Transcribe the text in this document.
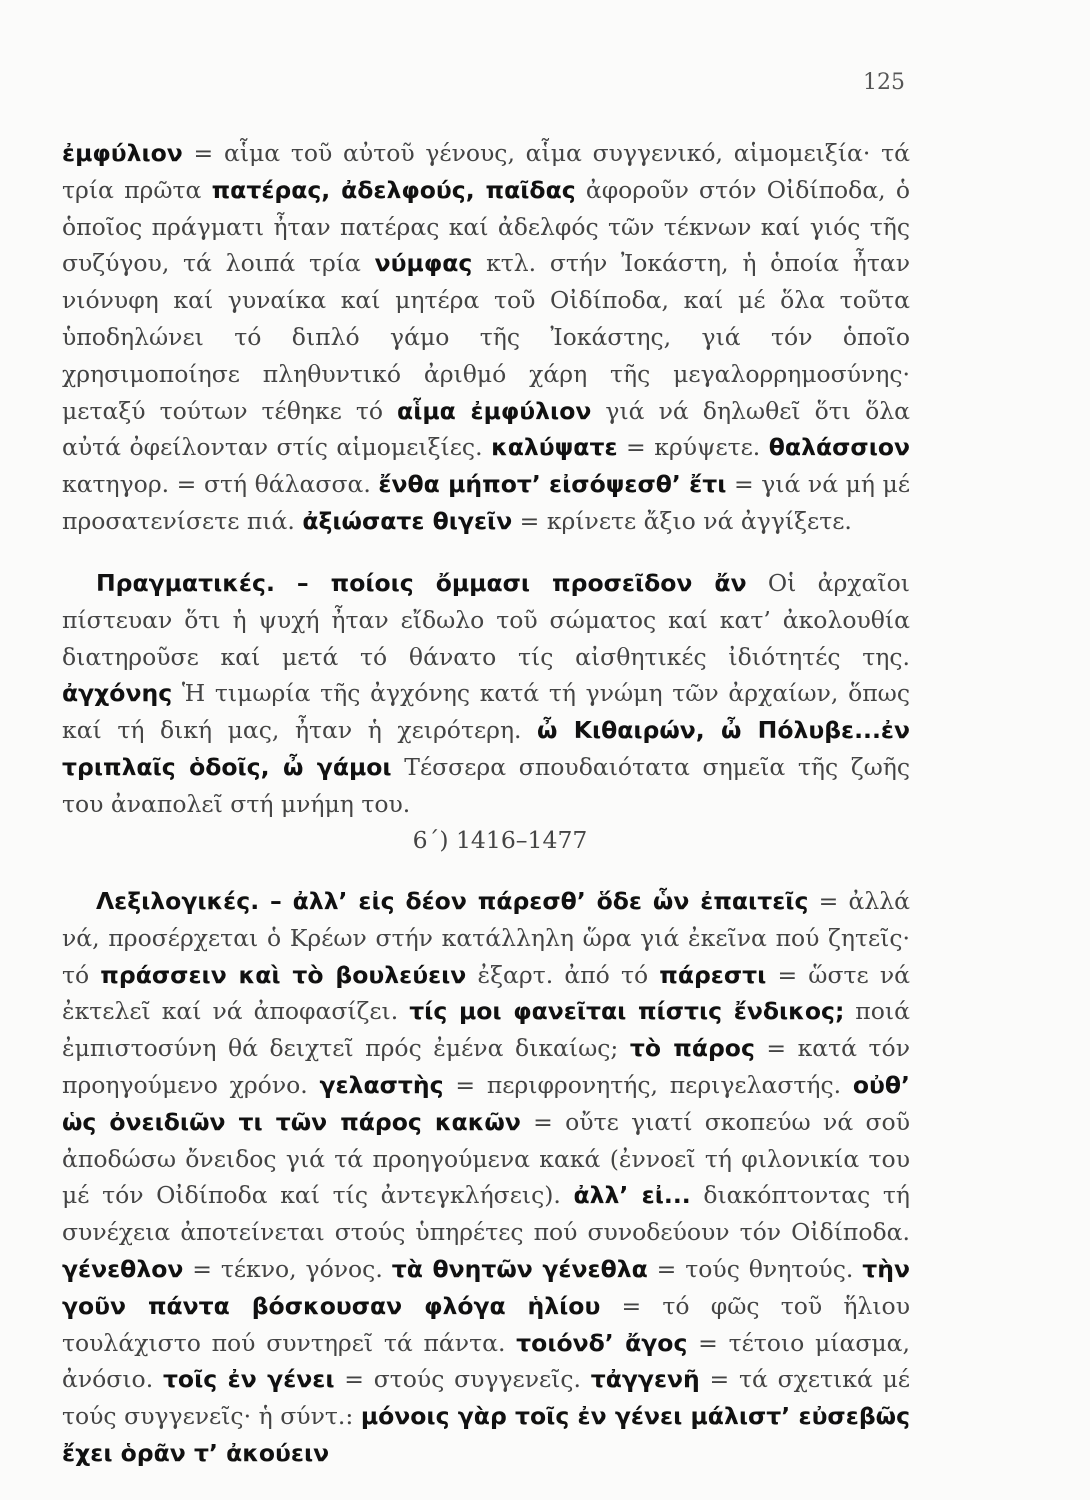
125
ἐμφύλιον = αἷμα τοῦ αὐτοῦ γένους, αἷμα συγγενικό, αἱμομειξία· τά τρία πρῶτα πατέρας, ἀδελφούς, παῖδας ἀφοροῦν στόν Οἰδίποδα, ὁ ὁποῖος πράγματι ἦταν πατέρας καί ἀδελφός τῶν τέκνων καί γιός τῆς συζύγου, τά λοιπά τρία νύμφας κτλ. στήν Ἰοκάστη, ἡ ὁποία ἦταν νιόνυφη καί γυναίκα καί μητέρα τοῦ Οἰδίποδα, καί μέ ὅλα τοῦτα ὑποδηλώνει τό διπλό γάμο τῆς Ἰοκάστης, γιά τόν ὁποῖο χρησιμοποίησε πληθυντικό ἀριθμό χάρη τῆς μεγαλορρημοσύνης· μεταξύ τούτων τέθηκε τό αἷμα ἐμφύλιον γιά νά δηλωθεῖ ὅτι ὅλα αὐτά ὀφείλονταν στίς αἱμομειξίες. καλύψατε = κρύψετε. θαλάσσιον κατηγορ. = στή θάλασσα. ἔνθα μήποτ’ εἰσόψεσθ’ ἔτι = γιά νά μή μέ προσατενίσετε πιά. ἀξιώσατε θιγεῖν = κρίνετε ἄξιο νά ἀγγίξετε.
Πραγματικές. – ποίοις ὄμμασι προσεῖδον ἄν Οἱ ἀρχαῖοι πίστευαν ὅτι ἡ ψυχή ἦταν εἴδωλο τοῦ σώματος καί κατ’ ἀκολουθία διατηροῦσε καί μετά τό θάνατο τίς αἰσθητικές ἰδιότητές της. ἀγχόνης Ἡ τιμωρία τῆς ἀγχόνης κατά τή γνώμη τῶν ἀρχαίων, ὅπως καί τή δική μας, ἦταν ἡ χειρότερη. ὦ Κιθαιρών, ὦ Πόλυβε...ἐν τριπλαῖς ὁδοῖς, ὦ γάμοι Τέσσερα σπουδαιότατα σημεῖα τῆς ζωῆς του ἀναπολεῖ στή μνήμη του.
6΄) 1416–1477
Λεξιλογικές. – ἀλλ’ εἰς δέον πάρεσθ’ ὅδε ὧν ἐπαιτεῖς = ἀλλά νά, προσέρχεται ὁ Κρέων στήν κατάλληλη ὥρα γιά ἐκεῖνα πού ζητεῖς· τό πράσσειν καὶ τὸ βουλεύειν ἐξαρτ. ἀπό τό πάρεστι = ὥστε νά ἐκτελεῖ καί νά ἀποφασίζει. τίς μοι φανεῖται πίστις ἔνδικος; ποιά ἐμπιστοσύνη θά δειχτεῖ πρός ἐμένα δικαίως; τὸ πάρος = κατά τόν προηγούμενο χρόνο. γελαστὴς = περιφρονητής, περιγελαστής. οὐθ’ ὡς ὀνειδιῶν τι τῶν πάρος κακῶν = οὔτε γιατί σκοπεύω νά σοῦ ἀποδώσω ὄνειδος γιά τά προηγούμενα κακά (ἐννοεῖ τή φιλονικία του μέ τόν Οἰδίποδα καί τίς ἀντεγκλήσεις). ἀλλ’ εἰ... διακόπτοντας τή συνέχεια ἀποτείνεται στούς ὑπηρέτες πού συνοδεύουν τόν Οἰδίποδα. γένεθλον = τέκνο, γόνος. τὰ θνητῶν γένεθλα = τούς θνητούς. τὴν γοῦν πάντα βόσκουσαν φλόγα ἡλίου = τό φῶς τοῦ ἥλιου τουλάχιστο πού συντηρεῖ τά πάντα. τοιόνδ’ ἄγος = τέτοιο μίασμα, ἀνόσιο. τοῖς ἐν γένει = στούς συγγενεῖς. τἀγγενῆ = τά σχετικά μέ τούς συγγενεῖς· ἡ σύντ.: μόνοις γὰρ τοῖς ἐν γένει μάλιστ’ εὐσεβῶς ἔχει ὁρᾶν τ’ ἀκούειν
